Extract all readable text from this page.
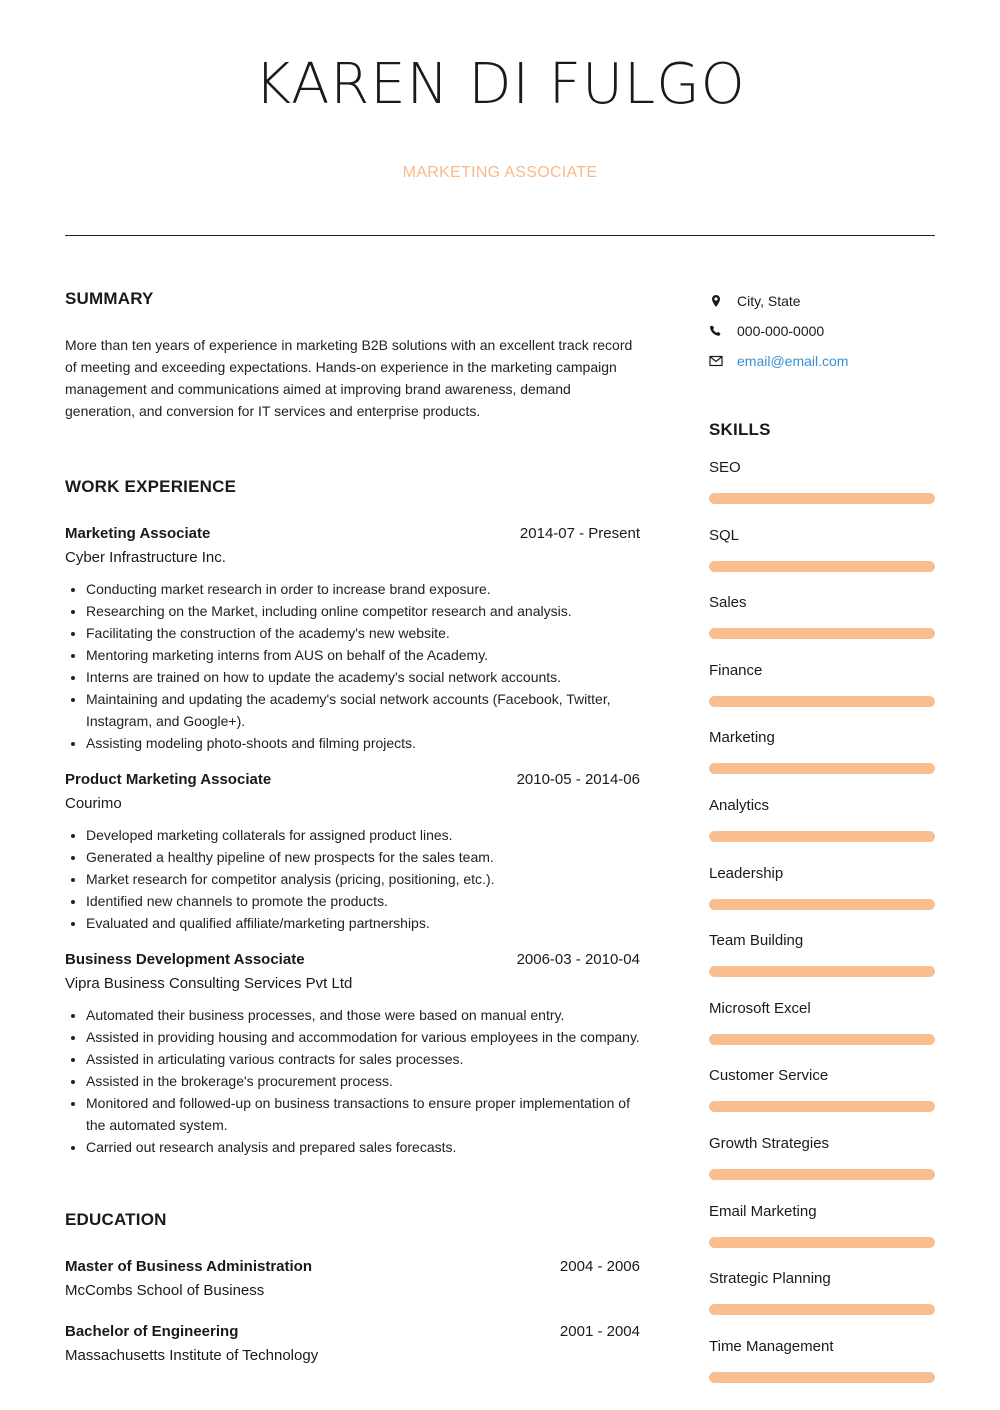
KAREN DI FULGO
MARKETING ASSOCIATE
SUMMARY

More than ten years of experience in marketing B2B solutions with an excellent track record of meeting and exceeding expectations. Hands-on experience in the marketing campaign management and communications aimed at improving brand awareness, demand generation, and conversion for IT services and enterprise products.

WORK EXPERIENCE
Marketing Associate	2014-07 - Present
Cyber Infrastructure Inc.
• Conducting market research in order to increase brand exposure.
• Researching on the Market, including online competitor research and analysis.
• Facilitating the construction of the academy's new website.
• Mentoring marketing interns from AUS on behalf of the Academy.
• Interns are trained on how to update the academy's social network accounts.
• Maintaining and updating the academy's social network accounts (Facebook, Twitter, Instagram, and Google+).
• Assisting modeling photo-shoots and filming projects.
Product Marketing Associate	2010-05 - 2014-06
Courimo
• Developed marketing collaterals for assigned product lines.
• Generated a healthy pipeline of new prospects for the sales team.
• Market research for competitor analysis (pricing, positioning, etc.).
• Identified new channels to promote the products.
• Evaluated and qualified affiliate/marketing partnerships.
Business Development Associate	2006-03 - 2010-04
Vipra Business Consulting Services Pvt Ltd
• Automated their business processes, and those were based on manual entry.
• Assisted in providing housing and accommodation for various employees in the company.
• Assisted in articulating various contracts for sales processes.
• Assisted in the brokerage's procurement process.
• Monitored and followed-up on business transactions to ensure proper implementation of the automated system.
• Carried out research analysis and prepared sales forecasts.
EDUCATION
Master of Business Administration	2004 - 2006
McCombs School of Business
Bachelor of Engineering	2001 - 2004
Massachusetts Institute of Technology
City, State
000-000-0000
email@email.com
SKILLS
SEO
SQL
Sales
Finance
Marketing
Analytics
Leadership
Team Building
Microsoft Excel
Customer Service
Growth Strategies
Email Marketing
Strategic Planning
Time Management
